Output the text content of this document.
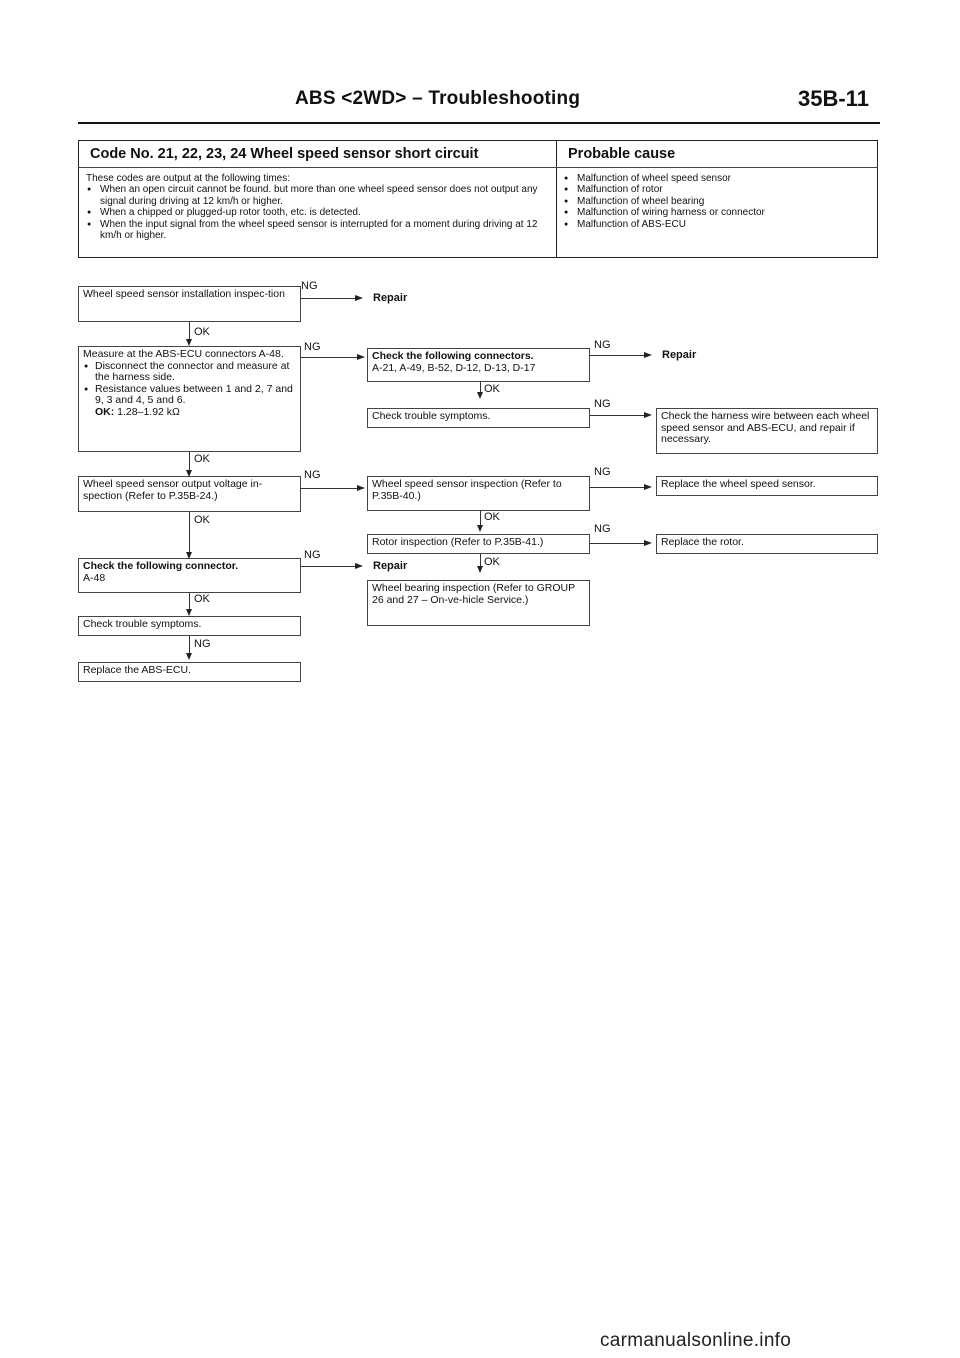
ABS <2WD> – Troubleshooting	35B-11
Code No. 21, 22, 23, 24 Wheel speed sensor short circuit	Probable cause
These codes are output at the following times:
● When an open circuit cannot be found. but more than one wheel speed sensor does not output any signal during driving at 12 km/h or higher.
● When a chipped or plugged-up rotor tooth, etc. is detected.
● When the input signal from the wheel speed sensor is interrupted for a moment during driving at 12 km/h or higher.
● Malfunction of wheel speed sensor
● Malfunction of rotor
● Malfunction of wheel bearing
● Malfunction of wiring harness or connector
● Malfunction of ABS-ECU
Wheel speed sensor installation inspec-tion
NG
Repair
OK
Measure at the ABS-ECU connectors A-48.
● Disconnect the connector and measure at the harness side.
● Resistance values between 1 and 2, 7 and 9, 3 and 4, 5 and 6.
OK: 1.28–1.92 kΩ
NG
OK
Wheel speed sensor output voltage in-spection (Refer to P.35B-24.)
NG
OK
Check the following connector.
A-48
NG
Repair
OK
Check trouble symptoms.
NG
Replace the ABS-ECU.
Check the following connectors.
A-21, A-49, B-52, D-12, D-13, D-17
NG
Repair
OK
Check trouble symptoms.
NG
Wheel speed sensor inspection (Refer to P.35B-40.)
NG
OK
Rotor inspection (Refer to P.35B-41.)
NG
OK
Wheel bearing inspection (Refer to GROUP 26 and 27 – On-ve-hicle Service.)
Check the harness wire between each wheel speed sensor and ABS-ECU, and repair if necessary.
Replace the wheel speed sensor.
Replace the rotor.
carmanualsonline.info
